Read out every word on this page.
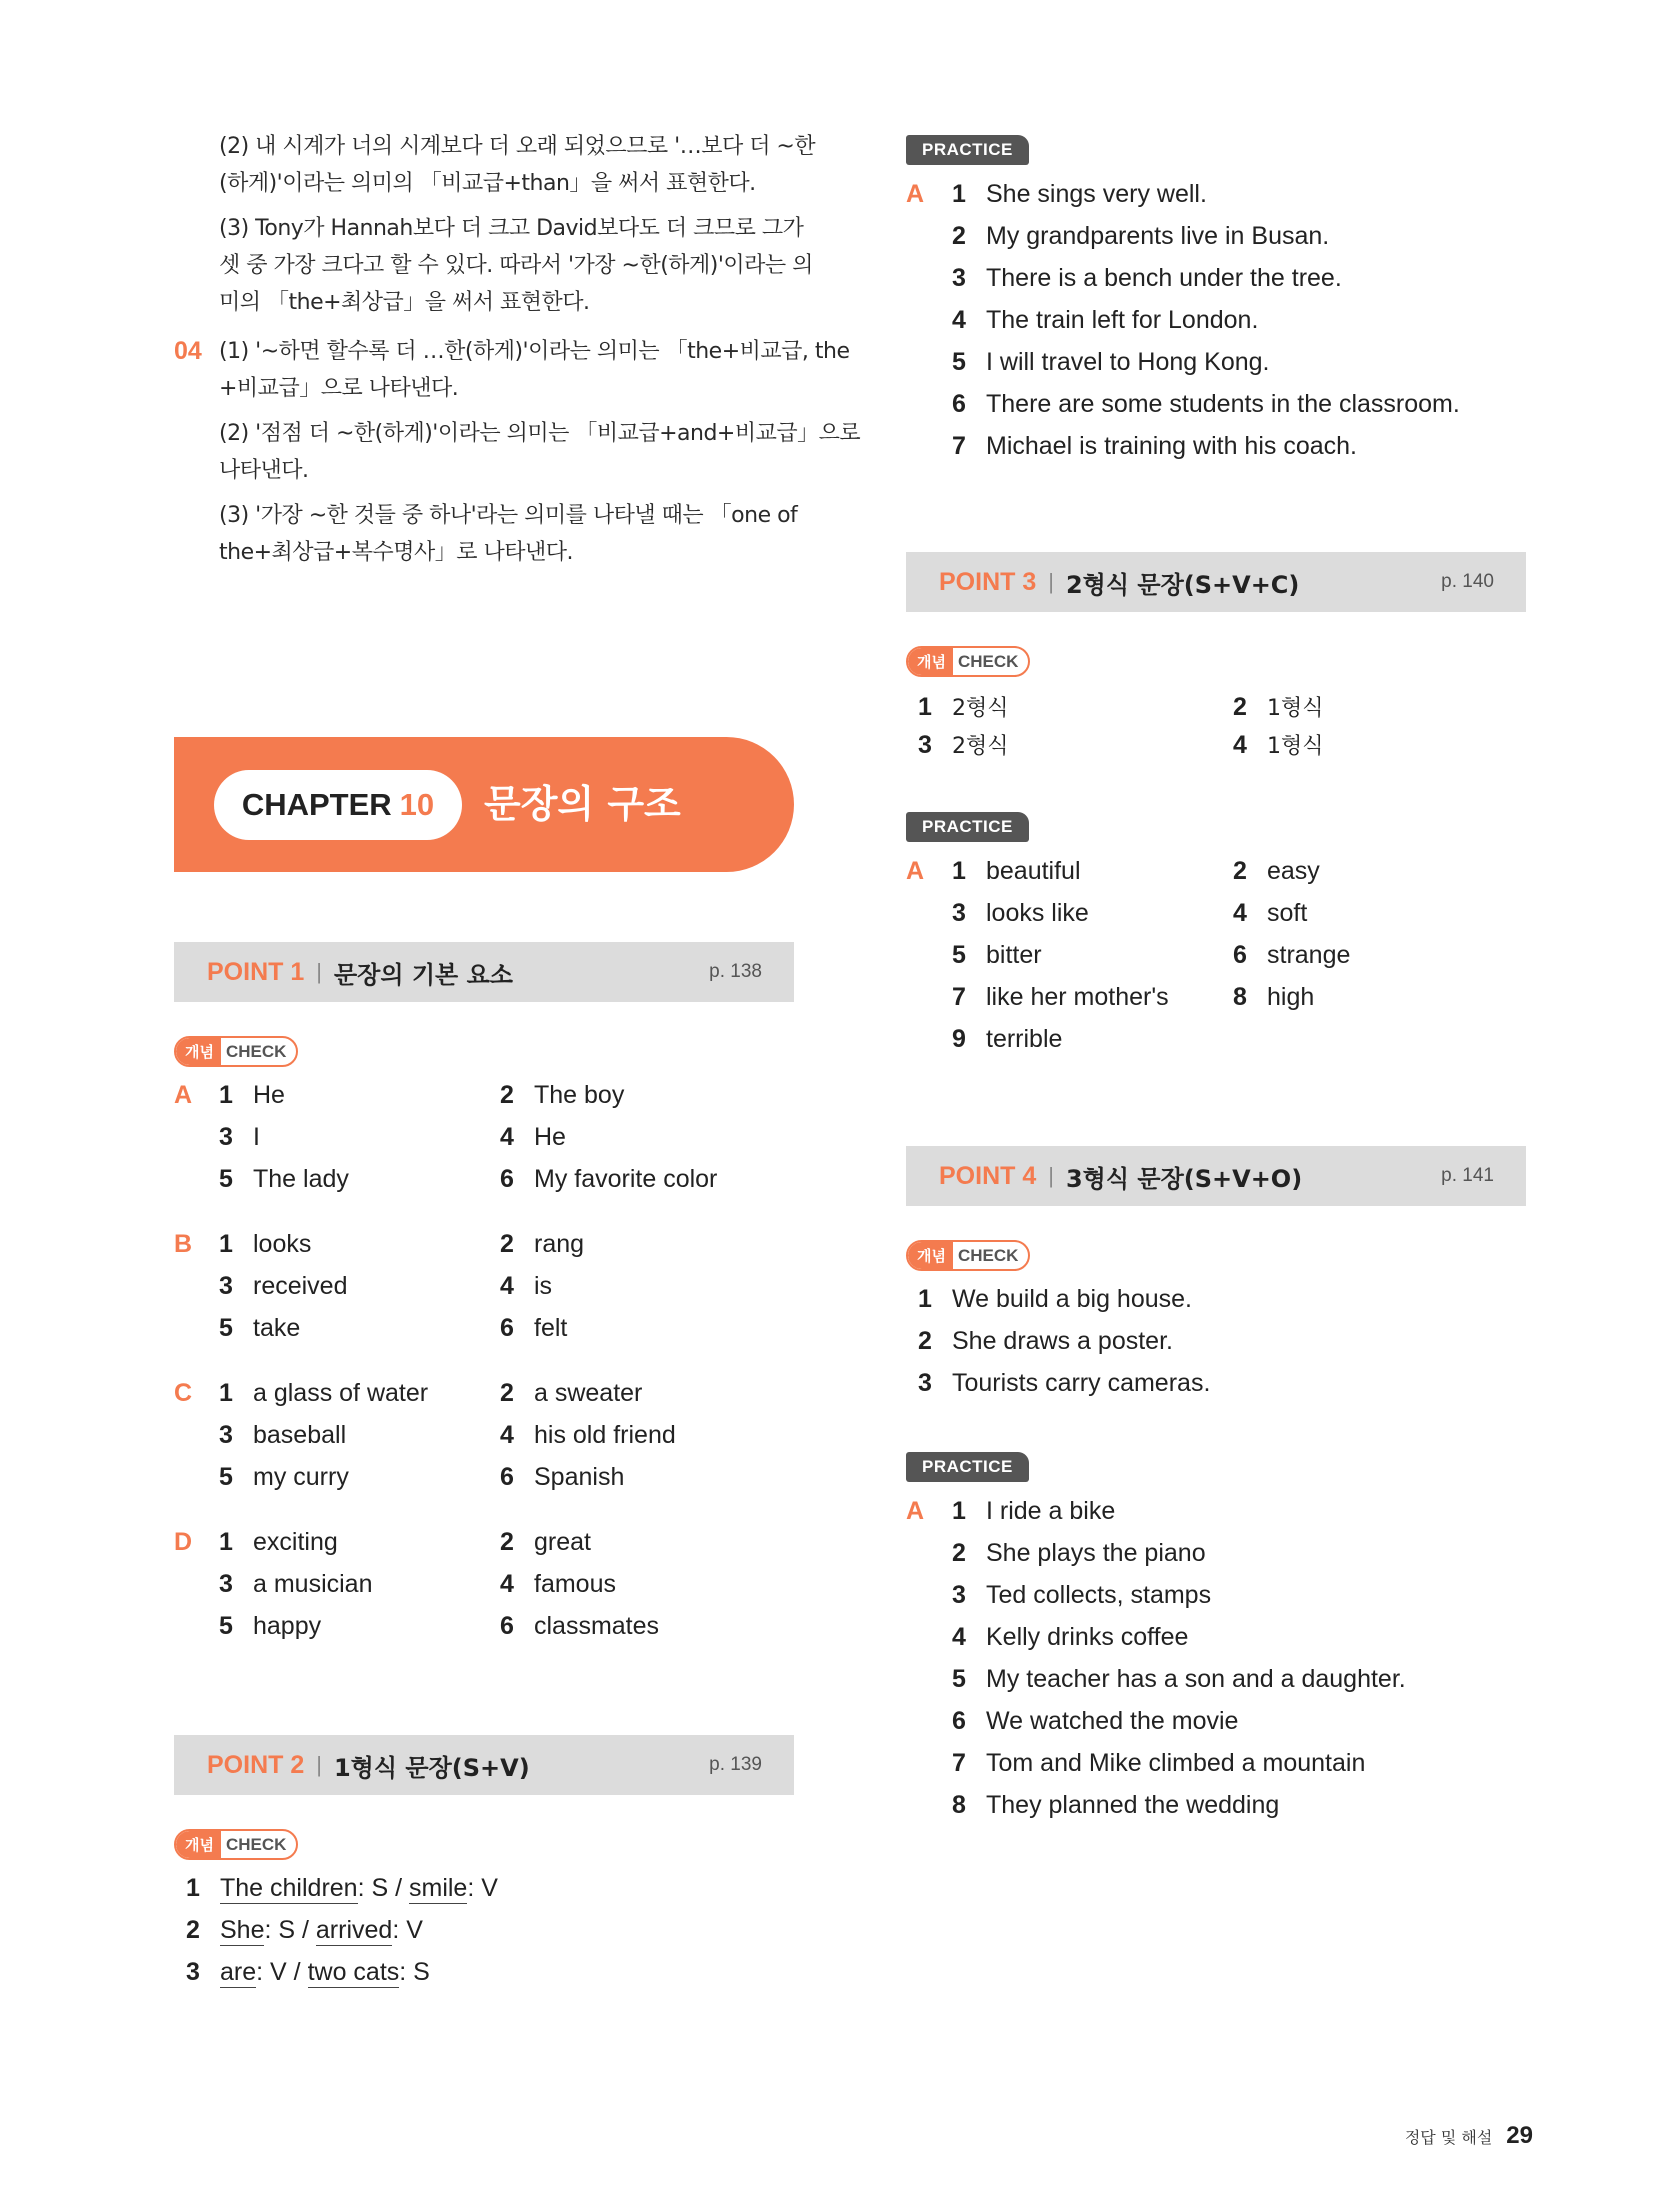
(2) 내 시계가 너의 시계보다 더 오래 되었으므로 '…보다 더 ~한

(하게)'이라는 의미의 「비교급+than」을 써서 표현한다.

(3) Tony가 Hannah보다 더 크고 David보다도 더 크므로 그가

셋 중 가장 크다고 할 수 있다. 따라서 '가장 ~한(하게)'이라는 의

미의 「the+최상급」을 써서 표현한다.

04 (1) '~하면 할수록 더 …한(하게)'이라는 의미는 「the+비교급, the

+비교급」으로 나타낸다.

(2) '점점 더 ~한(하게)'이라는 의미는 「비교급+and+비교급」으로

나타낸다.

(3) '가장 ~한 것들 중 하나'라는 의미를 나타낼 때는 「one of

the+최상급+복수명사」로 나타낸다.

CHAPTER 10 문장의 구조
POINT 1 | 문장의 기본 요소	p. 138
개념 CHECK
A 1 He	2 The boy
3 I	4 He
5 The lady	6 My favorite color
B 1 looks	2 rang
3 received	4 is
5 take	6 felt
C 1 a glass of water	2 a sweater
3 baseball	4 his old friend
5 my curry	6 Spanish
D 1 exciting	2 great
3 a musician	4 famous
5 happy	6 classmates
POINT 2 | 1형식 문장(S+V)	p. 139
개념 CHECK
1 The children: S / smile: V
2 She: S / arrived: V
3 are: V / two cats: S
PRACTICE
A 1 She sings very well.
2 My grandparents live in Busan.
3 There is a bench under the tree.
4 The train left for London.
5 I will travel to Hong Kong.
6 There are some students in the classroom.
7 Michael is training with his coach.
POINT 3 | 2형식 문장(S+V+C)	p. 140
개념 CHECK
1 2형식	2 1형식
3 2형식	4 1형식
PRACTICE
A 1 beautiful	2 easy
3 looks like	4 soft
5 bitter	6 strange
7 like her mother's	8 high
9 terrible
POINT 4 | 3형식 문장(S+V+O)	p. 141
개념 CHECK
1 We build a big house.
2 She draws a poster.
3 Tourists carry cameras.
PRACTICE
A 1 I ride a bike
2 She plays the piano
3 Ted collects, stamps
4 Kelly drinks coffee
5 My teacher has a son and a daughter.
6 We watched the movie
7 Tom and Mike climbed a mountain
8 They planned the wedding
정답 및 해설 29
